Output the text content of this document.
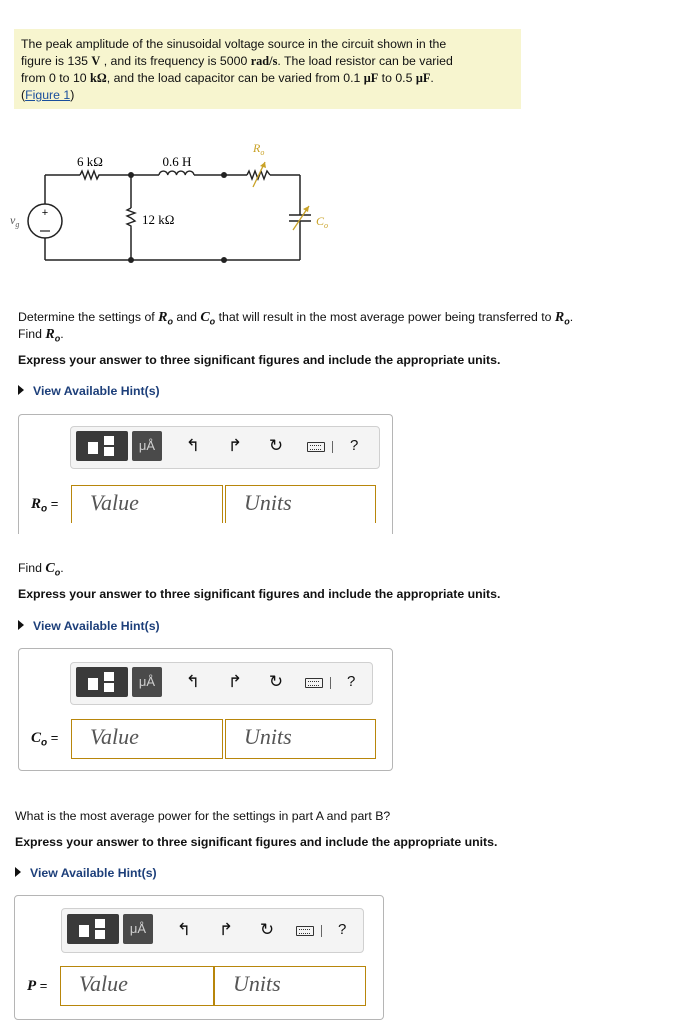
The peak amplitude of the sinusoidal voltage source in the circuit shown in the
figure is 135 V , and its frequency is 5000 rad/s. The load resistor can be varied
from 0 to 10 kΩ, and the load capacitor can be varied from 0.1 μF to 0.5 μF.
(Figure 1)
+
6 kΩ	0.6 H
12 kΩ
$v_g$
$R_o$
$C_o$
Determine the settings of $R_o$ and $C_o$ that will result in the most average power being transferred to $R_o$.
Find $R_o$.
Express your answer to three significant figures and include the appropriate units.
View Available Hint(s)
μÅ	↰ ↱ ↻	?
$R_o$ =	Value	Units
Find $C_o$.
Express your answer to three significant figures and include the appropriate units.
View Available Hint(s)
μÅ	↰ ↱ ↻	?
$C_o$ =	Value	Units
What is the most average power for the settings in part A and part B?
Express your answer to three significant figures and include the appropriate units.
View Available Hint(s)
μÅ	↰ ↱ ↻	?
P =	Value	Units
